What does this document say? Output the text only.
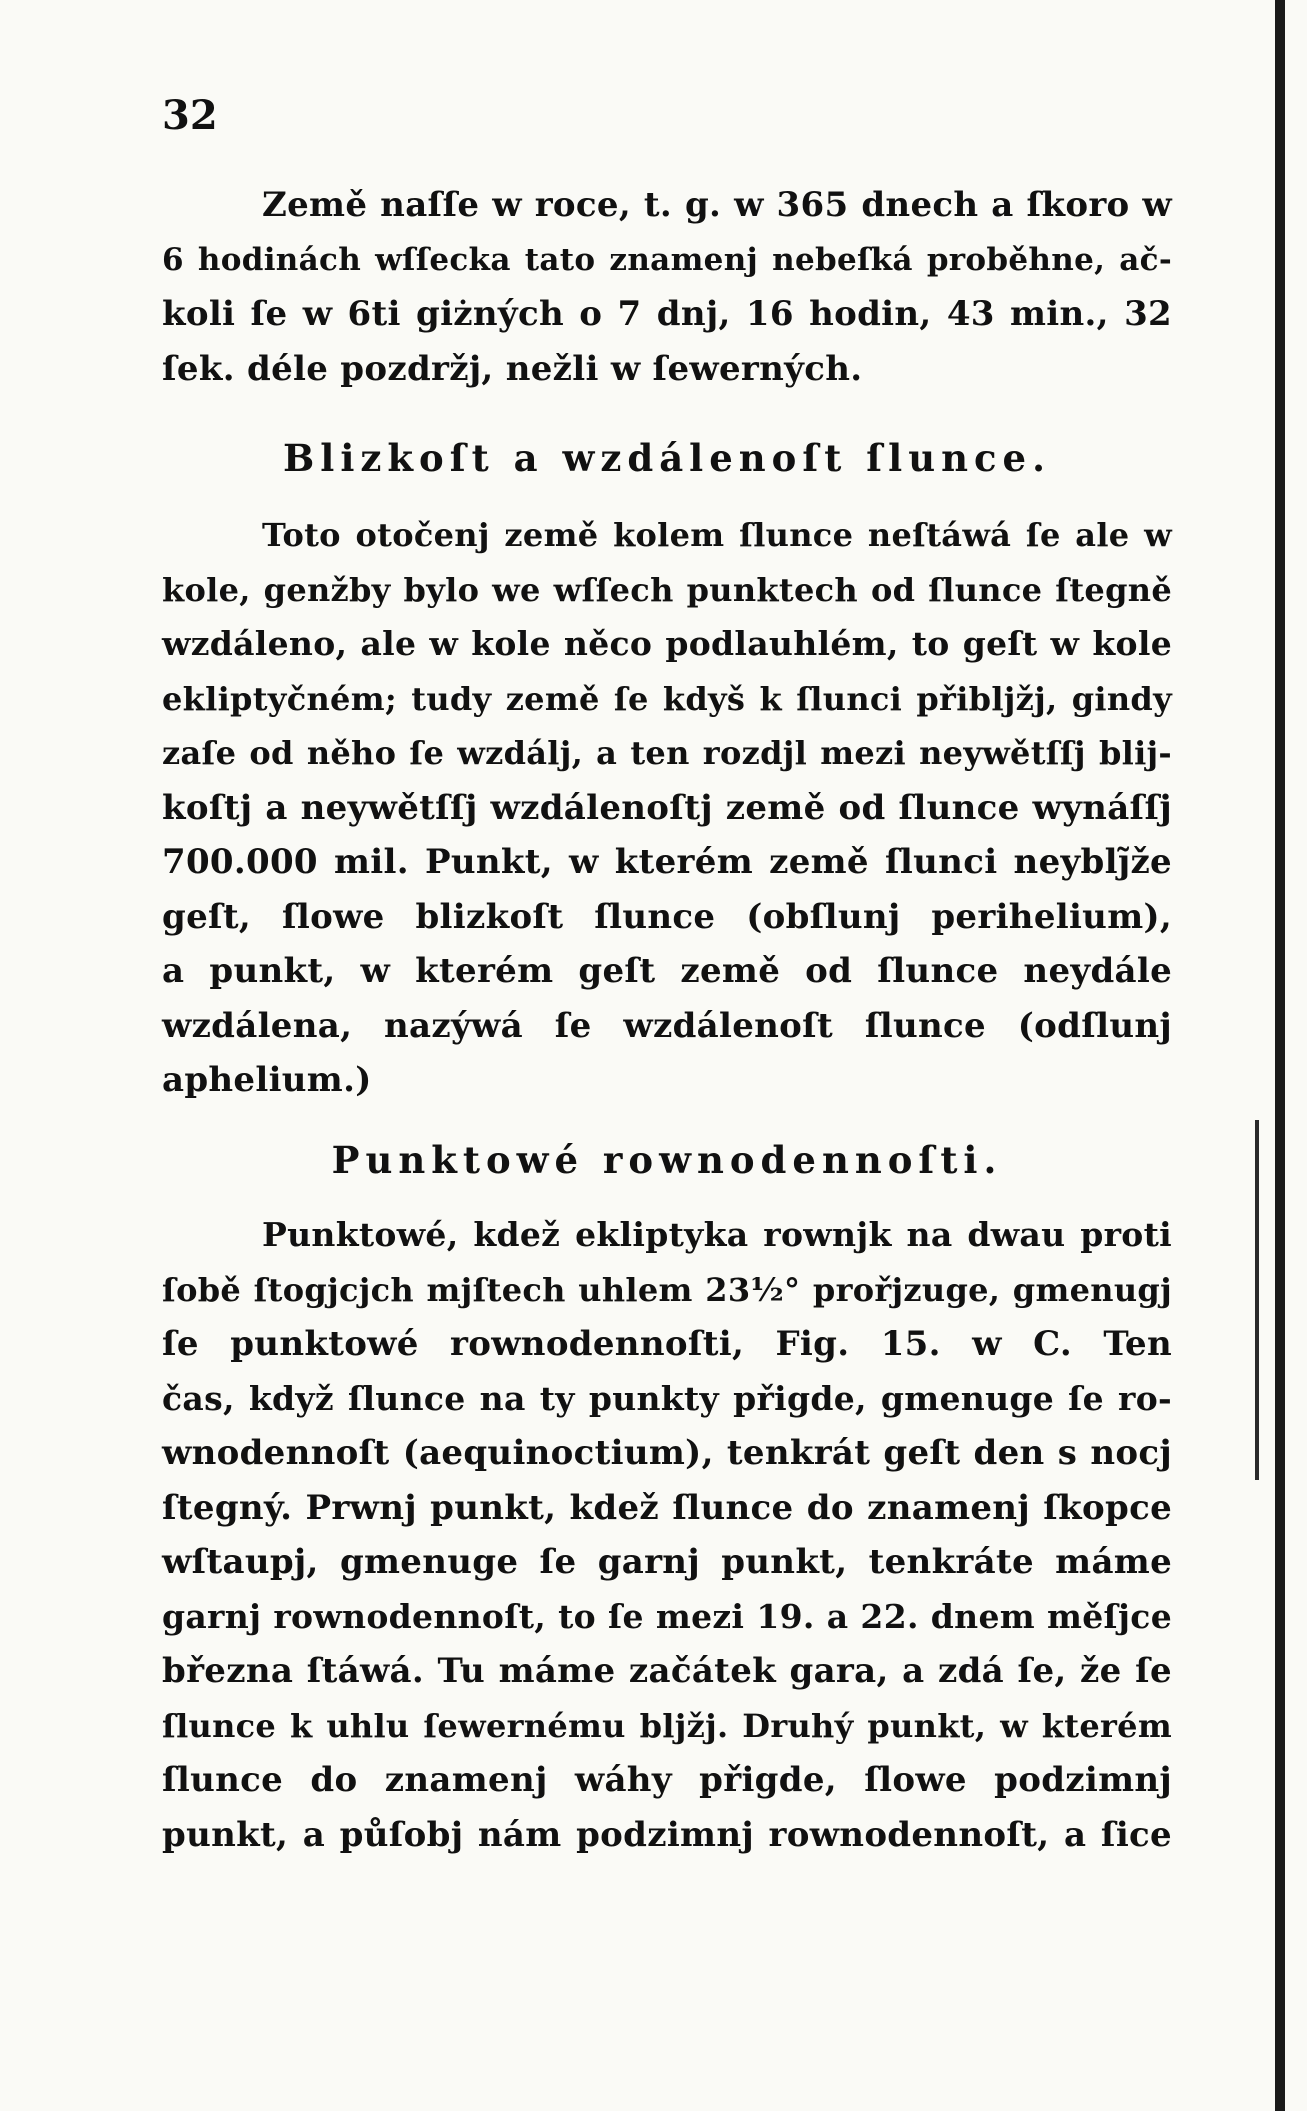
32
Země naſſe w roce, t. g. w 365 dnech a ſkoro w
6 hodinách wſſecka tato znamenj nebeſká proběhne, ač-
koli ſe w 6ti giżných o 7 dnj, 16 hodin, 43 min., 32
ſek. déle pozdržj, nežli w ſewerných.
Blizkoſt a wzdálenoſt ſlunce.
Toto otočenj země kolem ſlunce neſtáwá ſe ale w
kole, genžby bylo we wſſech punktech od ſlunce ſtegně
wzdáleno, ale w kole něco podlauhlém, to geſt w kole
ekliptyčném; tudy země ſe kdyš k ſlunci přibljžj, gindy
zaſe od něho ſe wzdálj, a ten rozdjl mezi neywětſſj blij-
koſtj a neywětſſj wzdálenoſtj země od ſlunce wynáſſj
700.000 mil. Punkt, w kterém země ſlunci neyblj̃že
geſt, ſlowe blizkoſt ſlunce (obſlunj perihelium),
a punkt, w kterém geſt země od ſlunce neydále
wzdálena, nazýwá ſe wzdálenoſt ſlunce (odſlunj
aphelium.)
Punktowé rownodennoſti.
Punktowé, kdež ekliptyka rownjk na dwau proti
ſobě ſtogjcjch mjſtech uhlem 23½° prořjzuge, gmenugj
ſe punktowé rownodennoſti, Fig. 15. w C. Ten
čas, když ſlunce na ty punkty přigde, gmenuge ſe ro-
wnodennoſt (aequinoctium), tenkrát geſt den s nocj
ſtegný. Prwnj punkt, kdež ſlunce do znamenj ſkopce
wſtaupj, gmenuge ſe garnj punkt, tenkráte máme
garnj rownodennoſt, to ſe mezi 19. a 22. dnem měſjce
března ſtáwá. Tu máme začátek gara, a zdá ſe, že ſe
ſlunce k uhlu ſewernému bljžj. Druhý punkt, w kterém
ſlunce do znamenj wáhy přigde, ſlowe podzimnj
punkt, a půſobj nám podzimnj rownodennoſt, a ſice
